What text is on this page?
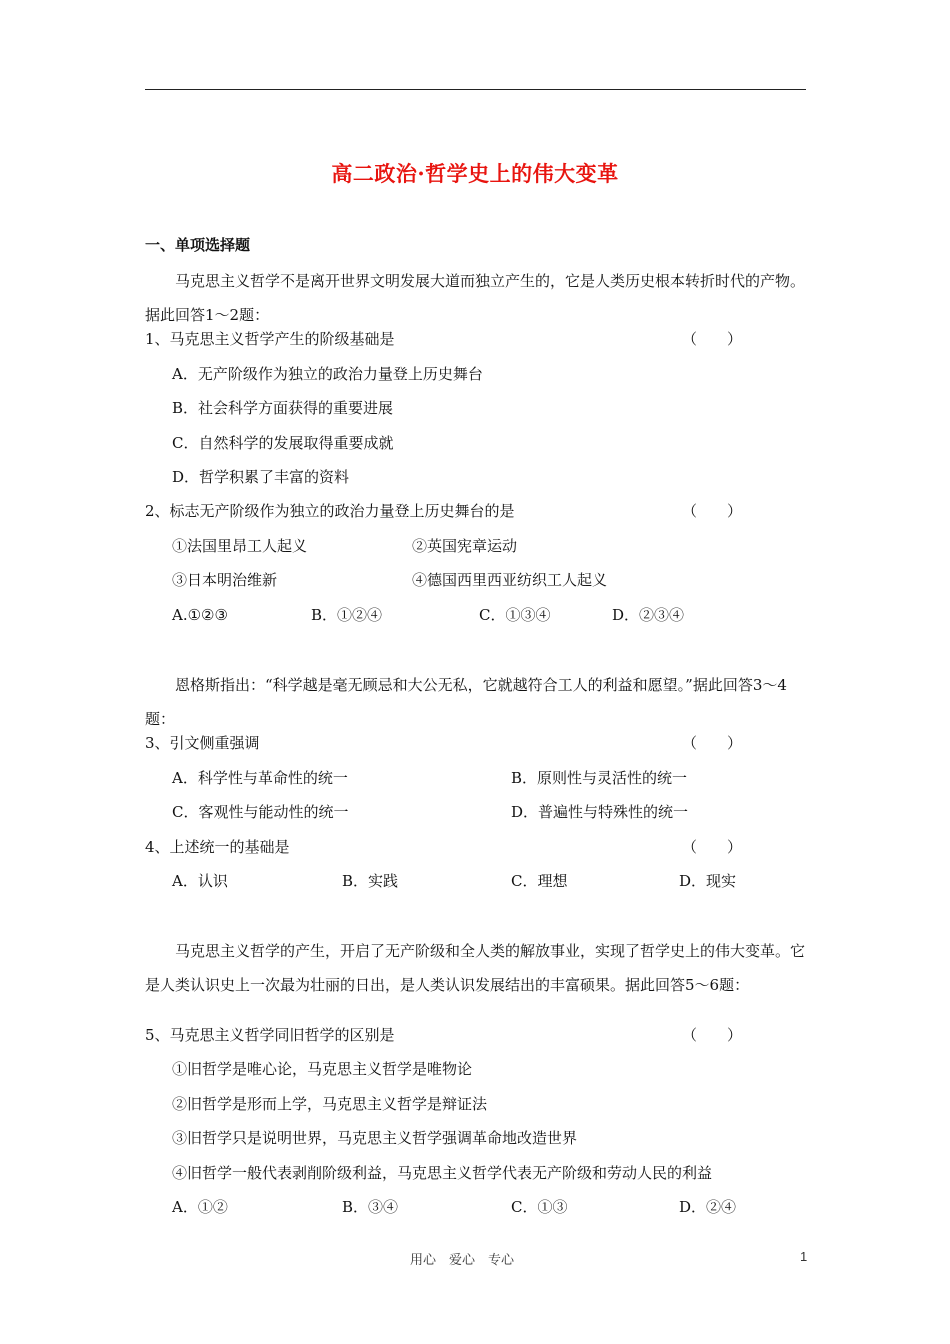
高二政治·哲学史上的伟大变革
一、单项选择题
马克思主义哲学不是离开世界文明发展大道而独立产生的，它是人类历史根本转折时代的产物。据此回答1～2题：
1、马克思主义哲学产生的阶级基础是	（　　）
A．无产阶级作为独立的政治力量登上历史舞台
B．社会科学方面获得的重要进展
C．自然科学的发展取得重要成就
D．哲学积累了丰富的资料
2、标志无产阶级作为独立的政治力量登上历史舞台的是	（　　）
①法国里昂工人起义	②英国宪章运动
③日本明治维新	④德国西里西亚纺织工人起义
A.①②③	B．①②④	C．①③④	D．②③④
恩格斯指出：“科学越是毫无顾忌和大公无私，它就越符合工人的利益和愿望。”据此回答3～4题：
3、引文侧重强调	（　　）
A．科学性与革命性的统一	B．原则性与灵活性的统一
C．客观性与能动性的统一	D．普遍性与特殊性的统一
4、上述统一的基础是	（　　）
A．认识	B．实践	C．理想	D．现实
马克思主义哲学的产生，开启了无产阶级和全人类的解放事业，实现了哲学史上的伟大变革。它是人类认识史上一次最为壮丽的日出，是人类认识发展结出的丰富硕果。据此回答5～6题：
5、马克思主义哲学同旧哲学的区别是	（　　）
①旧哲学是唯心论，马克思主义哲学是唯物论
②旧哲学是形而上学，马克思主义哲学是辩证法
③旧哲学只是说明世界，马克思主义哲学强调革命地改造世界
④旧哲学一般代表剥削阶级利益，马克思主义哲学代表无产阶级和劳动人民的利益
A．①②	B．③④	C．①③	D．②④
用心　爱心　专心	1
